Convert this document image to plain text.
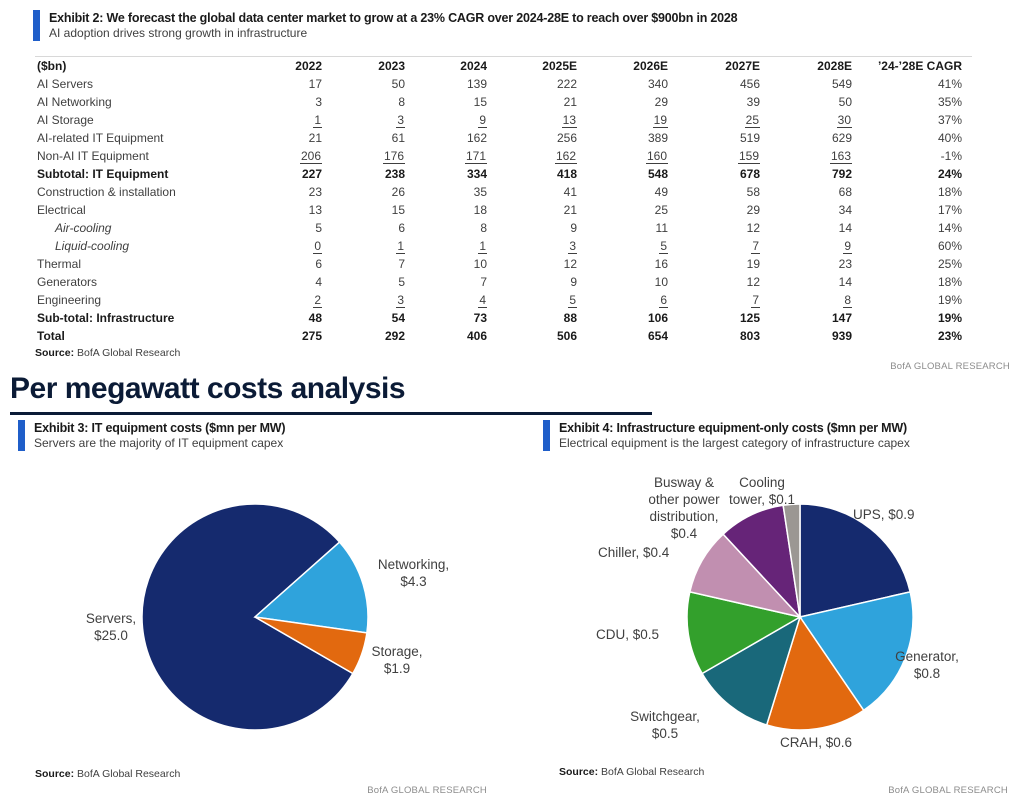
Exhibit 2: We forecast the global data center market to grow at a 23% CAGR over 2024-28E to reach over $900bn in 2028
AI adoption drives strong growth in infrastructure
($bn)	2022	2023	2024	2025E	2026E	2027E	2028E	’24-’28E CAGR
AI Servers	17	50	139	222	340	456	549	41%
AI Networking	3	8	15	21	29	39	50	35%
AI Storage	1	3	9	13	19	25	30	37%
AI-related IT Equipment	21	61	162	256	389	519	629	40%
Non-AI IT Equipment	206	176	171	162	160	159	163	-1%
Subtotal: IT Equipment	227	238	334	418	548	678	792	24%
Construction & installation	23	26	35	41	49	58	68	18%
Electrical	13	15	18	21	25	29	34	17%
Air-cooling	5	6	8	9	11	12	14	14%
Liquid-cooling	0	1	1	3	5	7	9	60%
Thermal	6	7	10	12	16	19	23	25%
Generators	4	5	7	9	10	12	14	18%
Engineering	2	3	4	5	6	7	8	19%
Sub-total: Infrastructure	48	54	73	88	106	125	147	19%
Total	275	292	406	506	654	803	939	23%
Source: BofA Global Research
BofA GLOBAL RESEARCH
Per megawatt costs analysis
Exhibit 3: IT equipment costs ($mn per MW)
Servers are the majority of IT equipment capex
Exhibit 4: Infrastructure equipment-only costs ($mn per MW)
Electrical equipment is the largest category of infrastructure capex
Servers,
$25.0
Networking,
$4.3
Storage,
$1.9
Busway &
other power
distribution,
$0.4
Cooling
tower, $0.1
UPS, $0.9
Chiller, $0.4
CDU, $0.5
Generator,
$0.8
Switchgear,
$0.5
CRAH, $0.6
Source: BofA Global Research
BofA GLOBAL RESEARCH
Source: BofA Global Research
BofA GLOBAL RESEARCH
